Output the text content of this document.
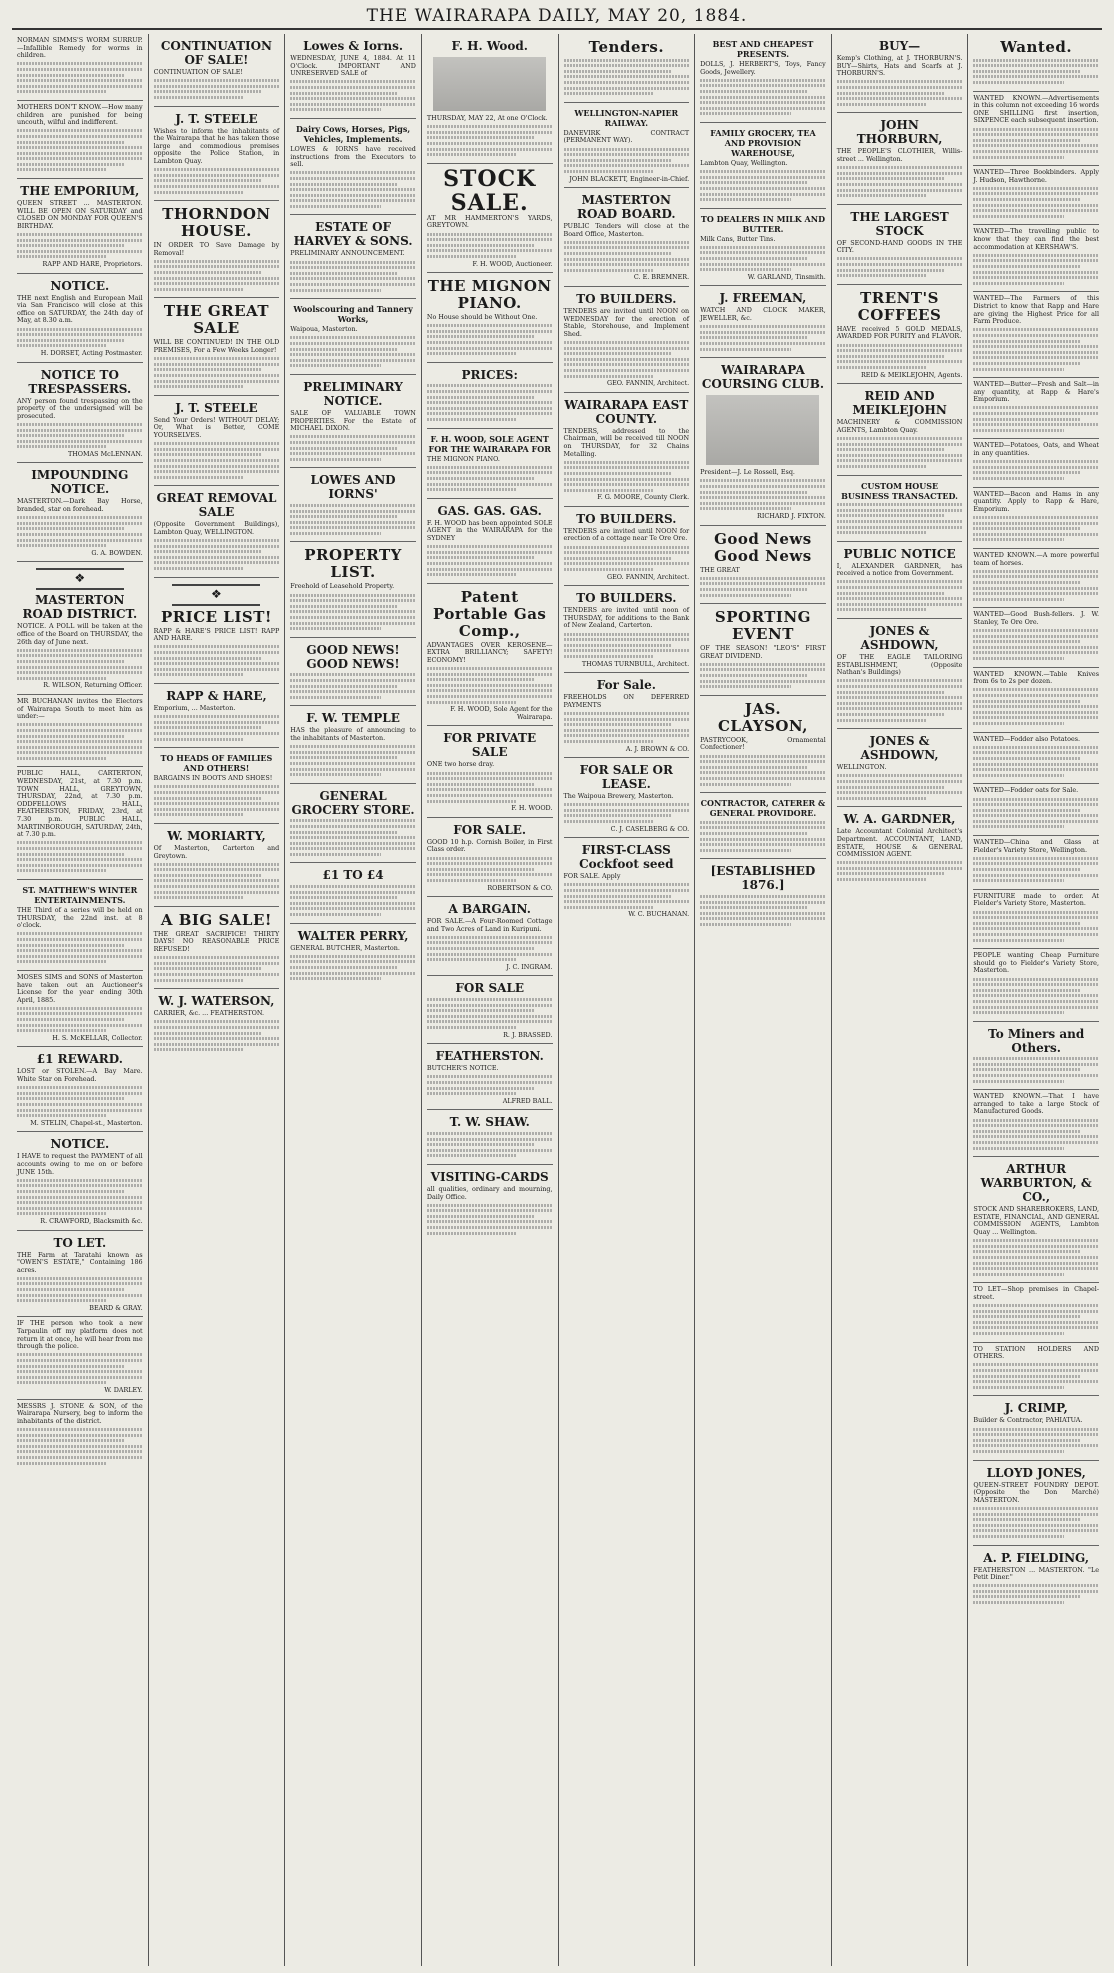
THE WAIRARAPA DAILY, MAY 20, 1884.
NORMAN SIMMS'S WORM SURRUP.—Infallible Remedy for worms in children.
MOTHERS DON'T KNOW.—How many children are punished for being uncouth, wilful and indifferent.
THE EMPORIUM,
QUEEN STREET ... MASTERTON. WILL BE OPEN ON SATURDAY and CLOSED ON MONDAY FOR QUEEN'S BIRTHDAY.
RAPP AND HARE, Proprietors.
NOTICE.
THE next English and European Mail via San Francisco will close at this office on SATURDAY, the 24th day of May, at 8.30 a.m.
H. DORSET, Acting Postmaster.
NOTICE TO TRESPASSERS.
ANY person found trespassing on the property of the undersigned will be prosecuted.
THOMAS McLENNAN.
IMPOUNDING NOTICE.
MASTERTON.—Dark Bay Horse, branded, star on forehead.
G. A. BOWDEN.
❖
MASTERTON ROAD DISTRICT.
NOTICE. A POLL will be taken at the office of the Board on THURSDAY, the 26th day of June next.
R. WILSON, Returning Officer.
MR BUCHANAN invites the Electors of Wairarapa South to meet him as under:—
PUBLIC HALL, CARTERTON, WEDNESDAY, 21st, at 7.30 p.m. TOWN HALL, GREYTOWN, THURSDAY, 22nd, at 7.30 p.m. ODDFELLOWS HALL, FEATHERSTON, FRIDAY, 23rd, at 7.30 p.m. PUBLIC HALL, MARTINBOROUGH, SATURDAY, 24th, at 7.30 p.m.
ST. MATTHEW'S WINTER ENTERTAINMENTS.
THE Third of a series will be held on THURSDAY, the 22nd inst. at 8 o'clock.
MOSES SIMS and SONS of Masterton have taken out an Auctioneer's License for the year ending 30th April, 1885.
H. S. McKELLAR, Collector.
£1 REWARD.
LOST or STOLEN.—A Bay Mare. White Star on Forehead.
M. STELIN, Chapel-st., Masterton.
NOTICE.
I HAVE to request the PAYMENT of all accounts owing to me on or before JUNE 15th.
R. CRAWFORD, Blacksmith &c.
TO LET.
THE Farm at Taratahi known as "OWEN'S ESTATE," Containing 186 acres.
BEARD & GRAY.
IF THE person who took a new Tarpaulin off my platform does not return it at once, he will hear from me through the police.
W. DARLEY.
MESSRS J. STONE & SON, of the Wairarapa Nursery, beg to inform the inhabitants of the district.
CONTINUATION OF SALE!
CONTINUATION OF SALE!
J. T. STEELE
Wishes to inform the inhabitants of the Wairarapa that he has taken those large and commodious premises opposite the Police Station, in Lambton Quay.
THORNDON HOUSE.
IN ORDER TO Save Damage by Removal!
THE GREAT SALE
WILL BE CONTINUED! IN THE OLD PREMISES, For a Few Weeks Longer!
J. T. STEELE
Send Your Orders! WITHOUT DELAY; Or, What is Better, COME YOURSELVES.
GREAT REMOVAL SALE
(Opposite Government Buildings), Lambton Quay, WELLINGTON.
❖
PRICE LIST!
RAPP & HARE'S PRICE LIST! RAPP AND HARE.
RAPP & HARE,
Emporium, ... Masterton.
TO HEADS OF FAMILIES AND OTHERS!
BARGAINS IN BOOTS AND SHOES!
W. MORIARTY,
Of Masterton, Carterton and Greytown.
A BIG SALE!
THE GREAT SACRIFICE! THIRTY DAYS! NO REASONABLE PRICE REFUSED!
W. J. WATERSON,
CARRIER, &c. ... FEATHERSTON.
Lowes & Iorns.
WEDNESDAY, JUNE 4, 1884. At 11 O'Clock. IMPORTANT AND UNRESERVED SALE of
Dairy Cows, Horses, Pigs, Vehicles, Implements.
LOWES & IORNS have received instructions from the Executors to sell.
ESTATE OF HARVEY & SONS.
PRELIMINARY ANNOUNCEMENT.
Woolscouring and Tannery Works,
Waipoua, Masterton.
PRELIMINARY NOTICE.
SALE OF VALUABLE TOWN PROPERTIES. For the Estate of MICHAEL DIXON.
LOWES AND IORNS'
PROPERTY LIST.
Freehold of Leasehold Property.
GOOD NEWS! GOOD NEWS!
F. W. TEMPLE
HAS the pleasure of announcing to the inhabitants of Masterton.
GENERAL GROCERY STORE.
£1 TO £4
WALTER PERRY,
GENERAL BUTCHER, Masterton.
F. H. Wood.
THURSDAY, MAY 22, At one O'Clock.
STOCK SALE.
AT MR HAMMERTON'S YARDS, GREYTOWN.
F. H. WOOD, Auctioneer.
THE MIGNON PIANO.
No House should be Without One.
PRICES:
F. H. WOOD, SOLE AGENT FOR THE WAIRARAPA FOR
THE MIGNON PIANO.
GAS. GAS. GAS.
F. H. WOOD has been appointed SOLE AGENT in the WAIRARAPA for the SYDNEY
Patent Portable Gas Comp.,
ADVANTAGES OVER KEROSENE— EXTRA BRILLIANCY; SAFETY! ECONOMY!
F. H. WOOD, Sole Agent for the Wairarapa.
FOR PRIVATE SALE
ONE two horse dray.
F. H. WOOD.
FOR SALE.
GOOD 10 h.p. Cornish Boiler, in First Class order.
ROBERTSON & CO.
A BARGAIN.
FOR SALE.—A Four-Roomed Cottage and Two Acres of Land in Kuripuni.
J. C. INGRAM.
FOR SALE
R. J. BRASSED.
FEATHERSTON.
BUTCHER'S NOTICE.
ALFRED BALL.
T. W. SHAW.
VISITING-CARDS
all qualities, ordinary and mourning, Daily Office.
Tenders.
WELLINGTON-NAPIER RAILWAY.
DANEVIRK CONTRACT (PERMANENT WAY).
JOHN BLACKETT, Engineer-in-Chief.
MASTERTON ROAD BOARD.
PUBLIC Tenders will close at the Board Office, Masterton.
C. E. BREMNER.
TO BUILDERS.
TENDERS are invited until NOON on WEDNESDAY for the erection of Stable, Storehouse, and Implement Shed.
GEO. FANNIN, Architect.
WAIRARAPA EAST COUNTY.
TENDERS, addressed to the Chairman, will be received till NOON on THURSDAY, for 32 Chains Metalling.
F. G. MOORE, County Clerk.
TO BUILDERS.
TENDERS are invited until NOON for erection of a cottage near Te Ore Ore.
GEO. FANNIN, Architect.
TO BUILDERS.
TENDERS are invited until noon of THURSDAY, for additions to the Bank of New Zealand, Carterton.
THOMAS TURNBULL, Architect.
For Sale.
FREEHOLDS ON DEFERRED PAYMENTS
A. J. BROWN & CO.
FOR SALE OR LEASE.
The Waipoua Brewery, Masterton.
C. J. CASELBERG & CO.
FIRST-CLASS Cockfoot seed
FOR SALE. Apply
W. C. BUCHANAN.
BEST AND CHEAPEST PRESENTS.
DOLLS, J. HERBERT'S, Toys, Fancy Goods, Jewellery.
FAMILY GROCERY, TEA AND PROVISION WAREHOUSE,
Lambton Quay, Wellington.
TO DEALERS IN MILK AND BUTTER.
Milk Cans, Butter Tins.
W. GARLAND, Tinsmith.
J. FREEMAN,
WATCH AND CLOCK MAKER, JEWELLER, &c.
WAIRARAPA COURSING CLUB.
President—J. Le Rossell, Esq.
RICHARD J. FIXTON.
Good News Good News
THE GREAT
SPORTING EVENT
OF THE SEASON! "LEO'S" FIRST GREAT DIVIDEND.
JAS. CLAYSON,
PASTRYCOOK, Ornamental Confectioner!
CONTRACTOR, CATERER & GENERAL PROVIDORE.
[ESTABLISHED 1876.]
BUY—
Kemp's Clothing, at J. THORBURN'S. BUY—Shirts, Hats and Scarfs at J. THORBURN'S.
JOHN THORBURN,
THE PEOPLE'S CLOTHIER, Willis-street ... Wellington.
THE LARGEST STOCK
OF SECOND-HAND GOODS IN THE CITY.
TRENT'S COFFEES
HAVE received 5 GOLD MEDALS, AWARDED FOR PURITY and FLAVOR.
REID & MEIKLEJOHN, Agents.
REID AND MEIKLEJOHN
MACHINERY & COMMISSION AGENTS, Lambton Quay.
CUSTOM HOUSE BUSINESS TRANSACTED.
PUBLIC NOTICE
I, ALEXANDER GARDNER, has received a notice from Government.
JONES & ASHDOWN,
OF THE EAGLE TAILORING ESTABLISHMENT, (Opposite Nathan's Buildings)
JONES & ASHDOWN,
WELLINGTON.
W. A. GARDNER,
Late Accountant Colonial Architect's Department. ACCOUNTANT, LAND, ESTATE, HOUSE & GENERAL COMMISSION AGENT.
Wanted.
WANTED KNOWN.—Advertisements in this column not exceeding 16 words ONE SHILLING first insertion, SIXPENCE each subsequent insertion.
WANTED—Three Bookbinders. Apply J. Hudson, Hawthorne.
WANTED—The travelling public to know that they can find the best accommodation at KERSHAW'S.
WANTED—The Farmers of this District to know that Rapp and Hare are giving the Highest Price for all Farm Produce.
WANTED—Butter—Fresh and Salt—in any quantity, at Rapp & Hare's Emporium.
WANTED—Potatoes, Oats, and Wheat in any quantities.
WANTED—Bacon and Hams in any quantity. Apply to Rapp & Hare, Emporium.
WANTED KNOWN.—A more powerful team of horses.
WANTED—Good Bush-fellers. J. W. Stanley, Te Ore Ore.
WANTED KNOWN.—Table Knives from 6s to 2s per dozen.
WANTED—Fodder also Potatoes.
WANTED—Fodder oats for Sale.
WANTED—China and Glass at Fielder's Variety Store, Wellington.
FURNITURE made to order. At Fielder's Variety Store, Masterton.
PEOPLE wanting Cheap Furniture should go to Fielder's Variety Store, Masterton.
To Miners and Others.
WANTED KNOWN.—That I have arranged to take a large Stock of Manufactured Goods.
ARTHUR WARBURTON, & CO.,
STOCK AND SHAREBROKERS, LAND, ESTATE, FINANCIAL, AND GENERAL COMMISSION AGENTS, Lambton Quay ... Wellington.
TO LET—Shop premises in Chapel-street.
TO STATION HOLDERS AND OTHERS.
J. CRIMP,
Builder & Contractor, PAHIATUA.
LLOYD JONES,
QUEEN-STREET FOUNDRY DEPOT. (Opposite the Don Marché) MASTERTON.
A. P. FIELDING,
FEATHERSTON ... MASTERTON. "Le Petit Diner."
